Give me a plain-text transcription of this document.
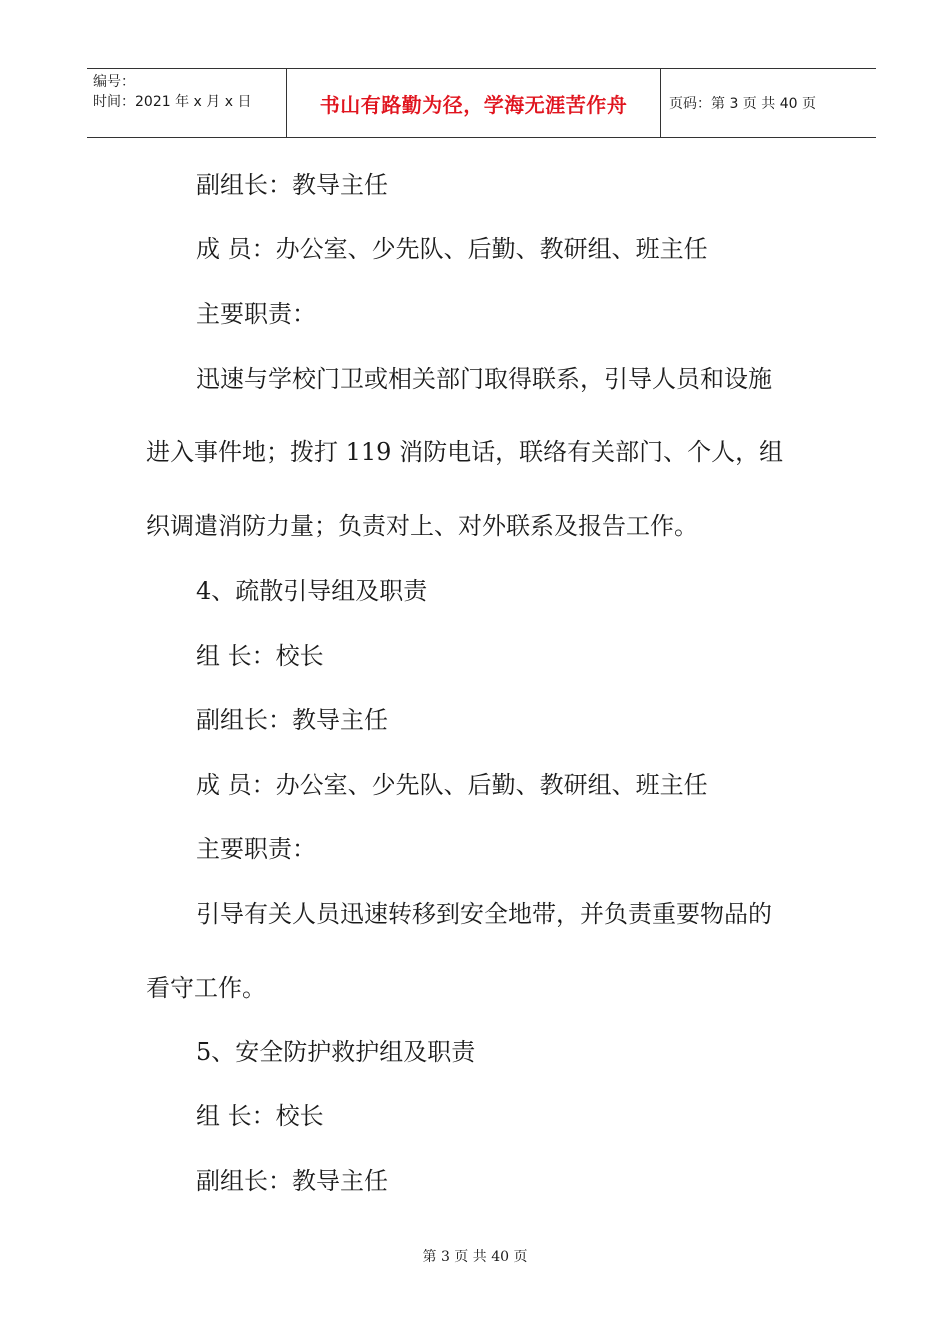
编号：
时间：2021 年 x 月 x 日	书山有路勤为径，学海无涯苦作舟	页码：第 3 页 共 40 页
副组长：教导主任
成 员：办公室、少先队、后勤、教研组、班主任
主要职责：
迅速与学校门卫或相关部门取得联系，引导人员和设施
进入事件地；拨打 119 消防电话，联络有关部门、个人，组
织调遣消防力量；负责对上、对外联系及报告工作。
4、疏散引导组及职责
组 长：校长
副组长：教导主任
成 员：办公室、少先队、后勤、教研组、班主任
主要职责：
引导有关人员迅速转移到安全地带，并负责重要物品的
看守工作。
5、安全防护救护组及职责
组 长：校长
副组长：教导主任
第 3 页 共 40 页
